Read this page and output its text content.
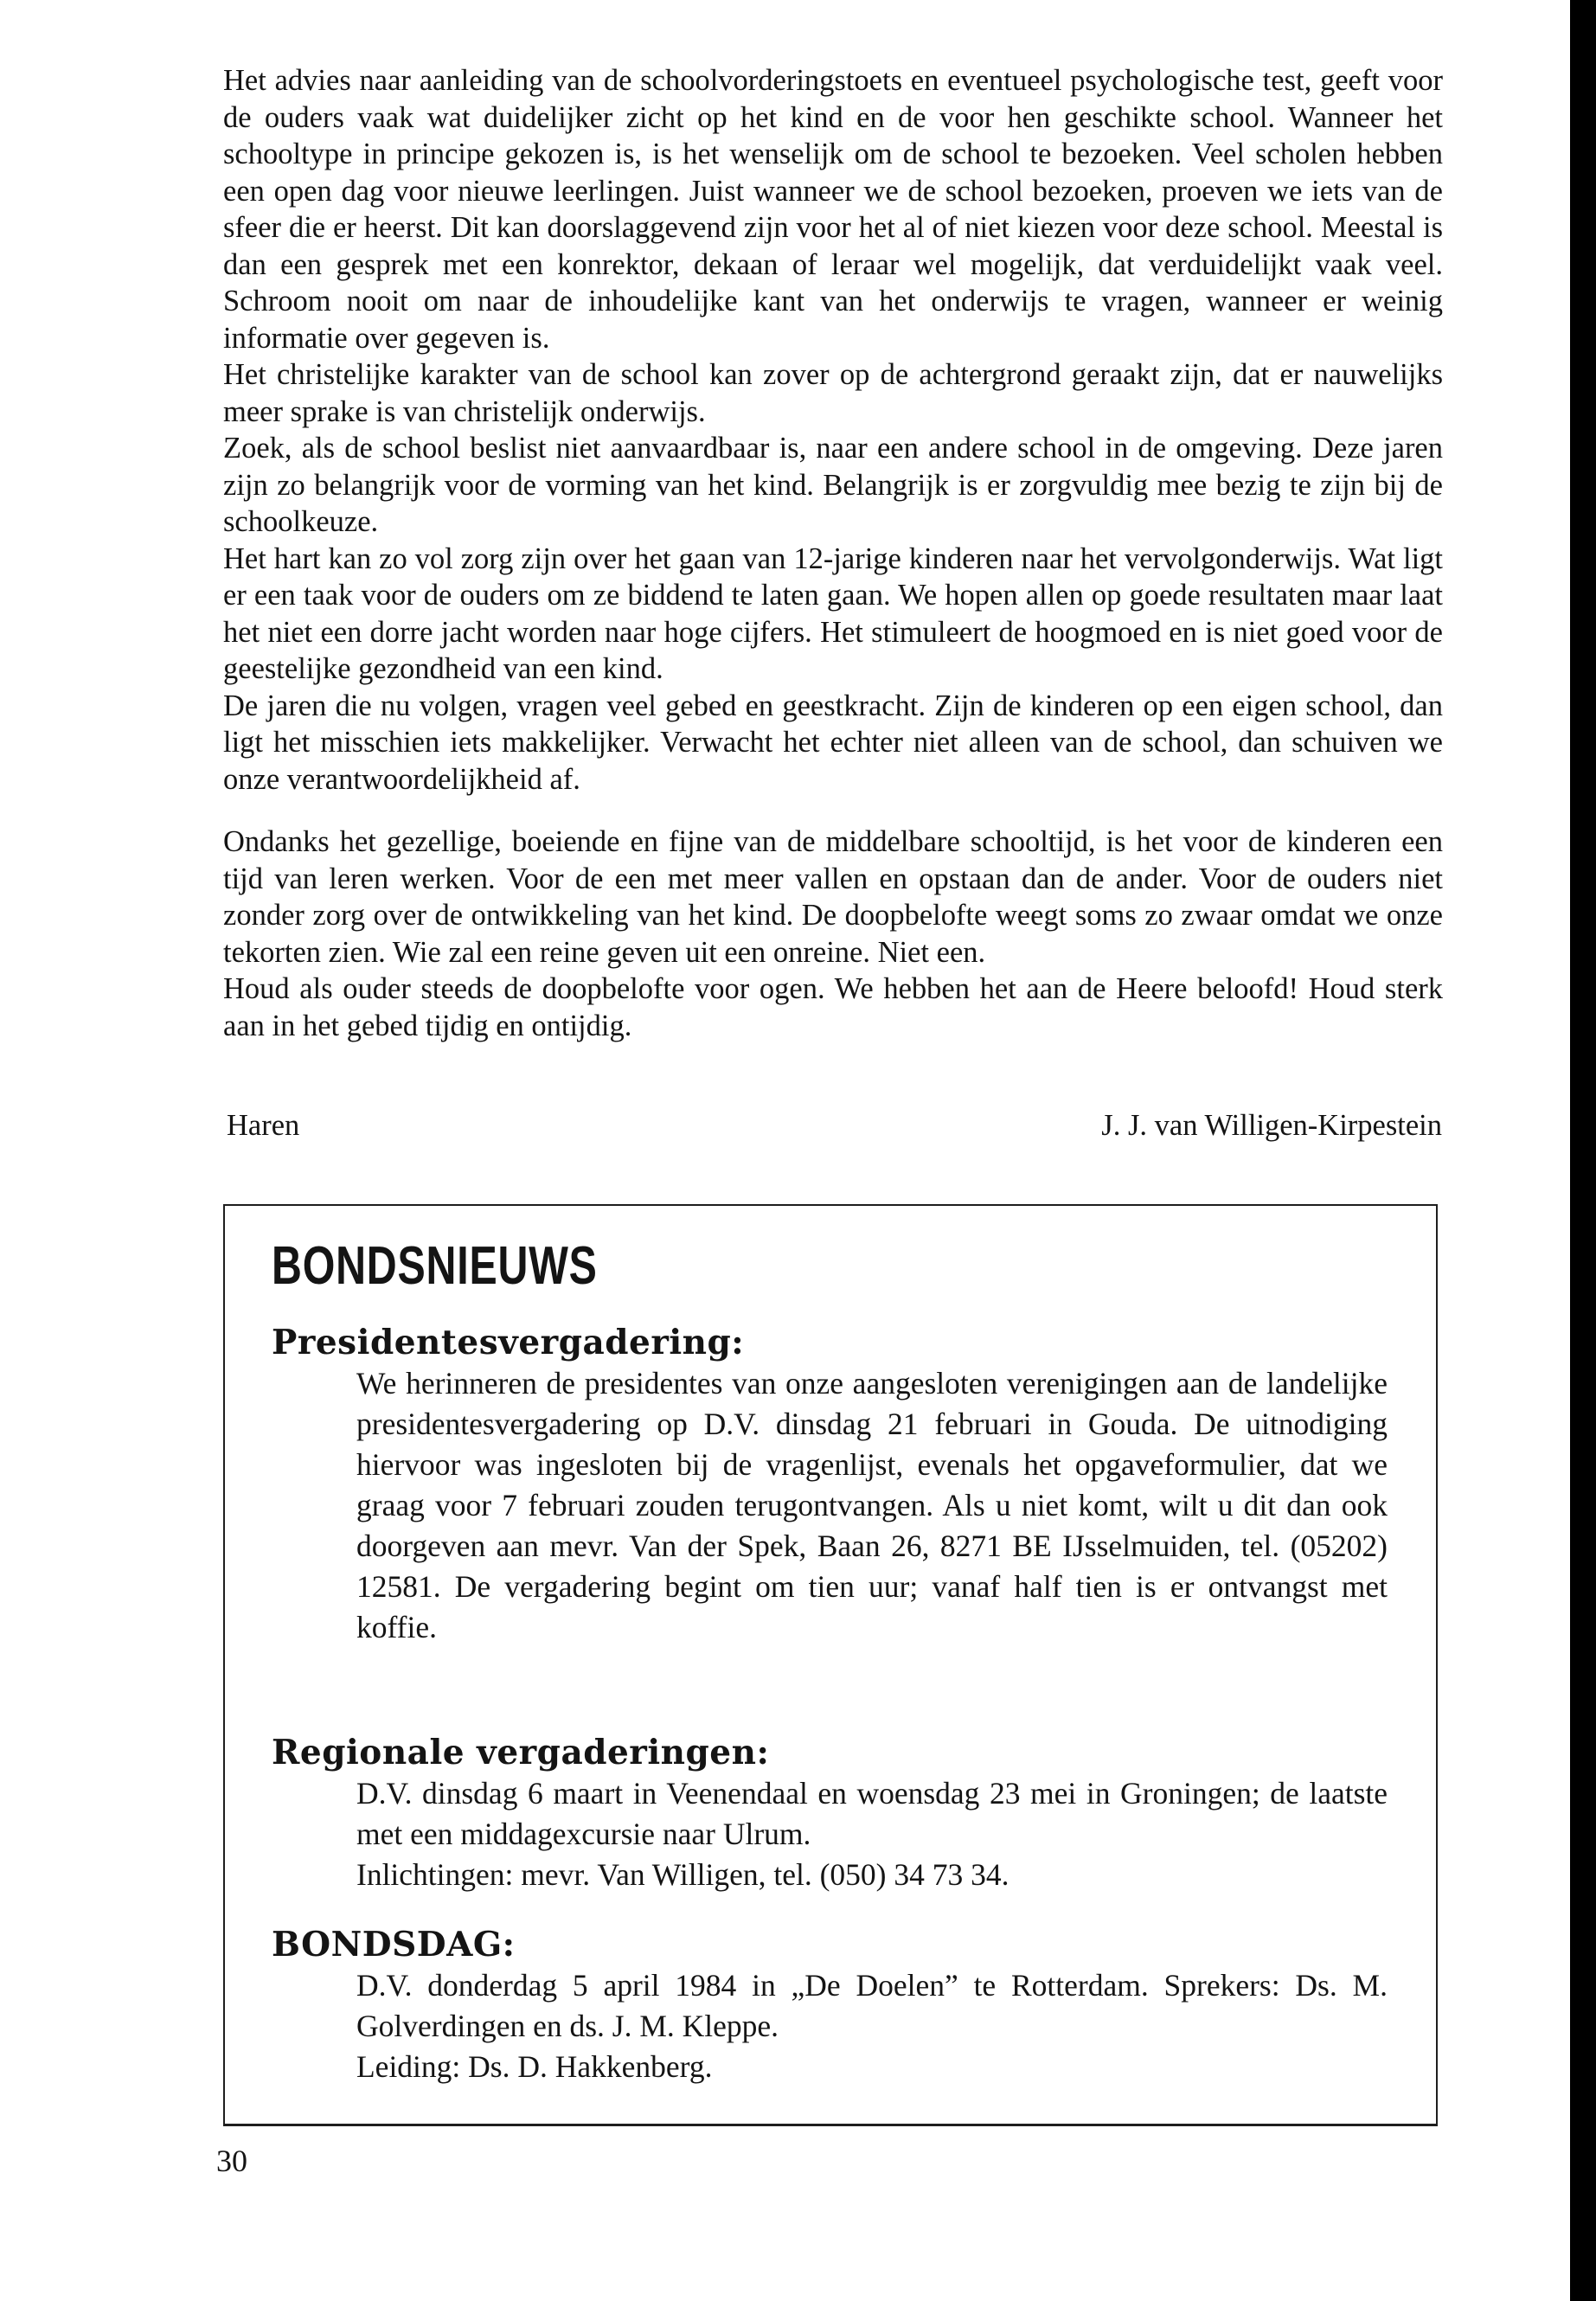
Het advies naar aanleiding van de schoolvorderingstoets en eventueel psychologische test, geeft voor de ouders vaak wat duidelijker zicht op het kind en de voor hen geschikte school. Wanneer het schooltype in principe gekozen is, is het wenselijk om de school te bezoeken. Veel scholen hebben een open dag voor nieuwe leerlingen. Juist wanneer we de school bezoeken, proeven we iets van de sfeer die er heerst. Dit kan doorslaggevend zijn voor het al of niet kiezen voor deze school. Meestal is dan een gesprek met een konrektor, dekaan of leraar wel mogelijk, dat verduidelijkt vaak veel. Schroom nooit om naar de inhoudelijke kant van het onderwijs te vragen, wanneer er weinig informatie over gegeven is.

Het christelijke karakter van de school kan zover op de achtergrond geraakt zijn, dat er nauwelijks meer sprake is van christelijk onderwijs.

Zoek, als de school beslist niet aanvaardbaar is, naar een andere school in de omgeving. Deze jaren zijn zo belangrijk voor de vorming van het kind. Belangrijk is er zorgvuldig mee bezig te zijn bij de schoolkeuze.

Het hart kan zo vol zorg zijn over het gaan van 12-jarige kinderen naar het vervolgonderwijs. Wat ligt er een taak voor de ouders om ze biddend te laten gaan. We hopen allen op goede resultaten maar laat het niet een dorre jacht worden naar hoge cijfers. Het stimuleert de hoogmoed en is niet goed voor de geestelijke gezondheid van een kind.

De jaren die nu volgen, vragen veel gebed en geestkracht. Zijn de kinderen op een eigen school, dan ligt het misschien iets makkelijker. Verwacht het echter niet alleen van de school, dan schuiven we onze verantwoordelijkheid af.

Ondanks het gezellige, boeiende en fijne van de middelbare schooltijd, is het voor de kinderen een tijd van leren werken. Voor de een met meer vallen en opstaan dan de ander. Voor de ouders niet zonder zorg over de ontwikkeling van het kind. De doopbelofte weegt soms zo zwaar omdat we onze tekorten zien. Wie zal een reine geven uit een onreine. Niet een.

Houd als ouder steeds de doopbelofte voor ogen. We hebben het aan de Heere beloofd! Houd sterk aan in het gebed tijdig en ontijdig.

Haren	J. J. van Willigen-Kirpestein
BONDSNIEUWS
Presidentesvergadering:

We herinneren de presidentes van onze aangesloten verenigingen aan de landelijke presidentesvergadering op D.V. dinsdag 21 februari in Gouda. De uitnodiging hiervoor was ingesloten bij de vragenlijst, evenals het opgaveformulier, dat we graag voor 7 februari zouden terugontvangen. Als u niet komt, wilt u dit dan ook doorgeven aan mevr. Van der Spek, Baan 26, 8271 BE IJsselmuiden, tel. (05202) 12581. De vergadering begint om tien uur; vanaf half tien is er ontvangst met koffie.

Regionale vergaderingen:

D.V. dinsdag 6 maart in Veenendaal en woensdag 23 mei in Groningen; de laatste met een middagexcursie naar Ulrum.

Inlichtingen: mevr. Van Willigen, tel. (050) 34 73 34.

BONDSDAG:

D.V. donderdag 5 april 1984 in „De Doelen” te Rotterdam. Sprekers: Ds. M. Golverdingen en ds. J. M. Kleppe.

Leiding: Ds. D. Hakkenberg.

30
